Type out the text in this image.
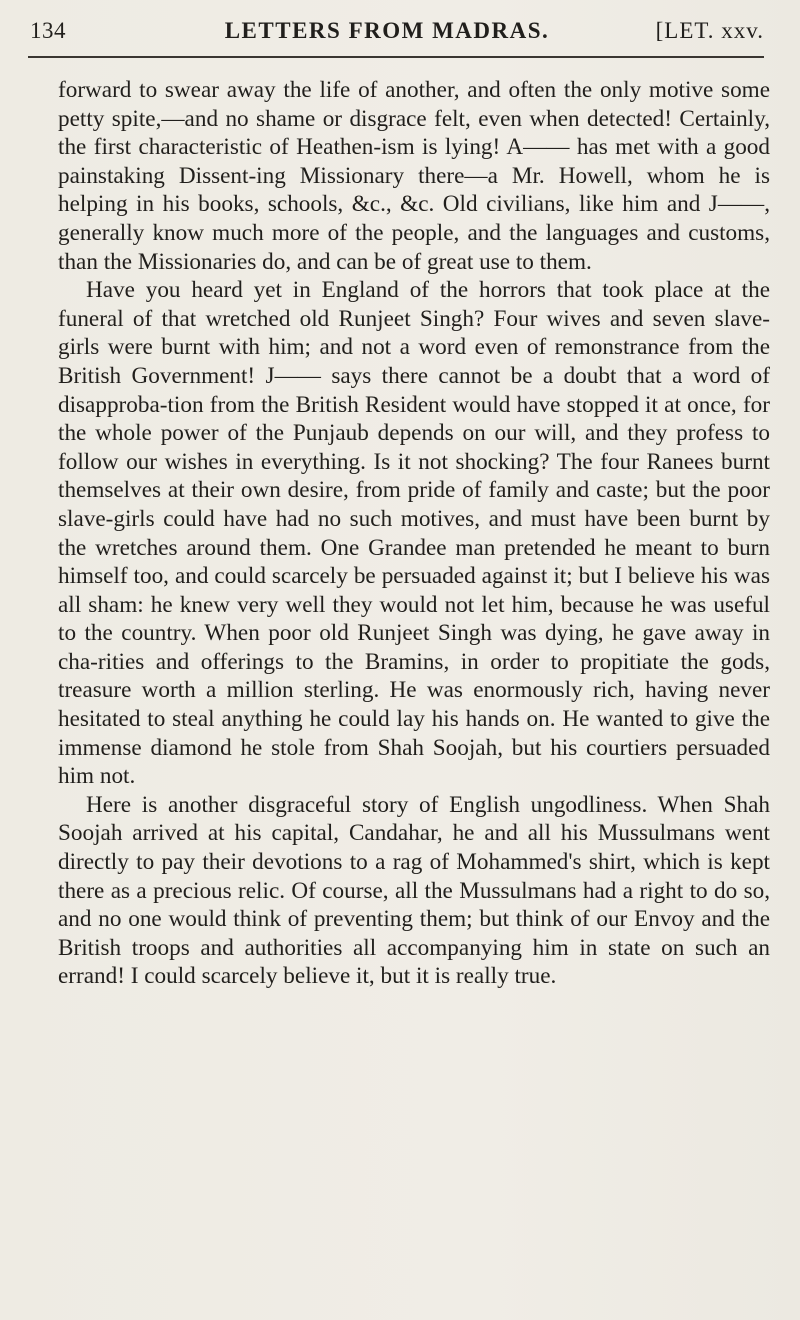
134	LETTERS FROM MADRAS.	[LET. xxv.

forward to swear away the life of another, and often the only motive some petty spite,—and no shame or disgrace felt, even when detected! Certainly, the first characteristic of Heathen-ism is lying! A—— has met with a good painstaking Dissent-ing Missionary there—a Mr. Howell, whom he is helping in his books, schools, &c., &c. Old civilians, like him and J——, generally know much more of the people, and the languages and customs, than the Missionaries do, and can be of great use to them.

Have you heard yet in England of the horrors that took place at the funeral of that wretched old Runjeet Singh? Four wives and seven slave-girls were burnt with him; and not a word even of remonstrance from the British Government! J—— says there cannot be a doubt that a word of disapproba-tion from the British Resident would have stopped it at once, for the whole power of the Punjaub depends on our will, and they profess to follow our wishes in everything. Is it not shocking? The four Ranees burnt themselves at their own desire, from pride of family and caste; but the poor slave-girls could have had no such motives, and must have been burnt by the wretches around them. One Grandee man pretended he meant to burn himself too, and could scarcely be persuaded against it; but I believe his was all sham: he knew very well they would not let him, because he was useful to the country. When poor old Runjeet Singh was dying, he gave away in cha-rities and offerings to the Bramins, in order to propitiate the gods, treasure worth a million sterling. He was enormously rich, having never hesitated to steal anything he could lay his hands on. He wanted to give the immense diamond he stole from Shah Soojah, but his courtiers persuaded him not.

Here is another disgraceful story of English ungodliness. When Shah Soojah arrived at his capital, Candahar, he and all his Mussulmans went directly to pay their devotions to a rag of Mohammed's shirt, which is kept there as a precious relic. Of course, all the Mussulmans had a right to do so, and no one would think of preventing them; but think of our Envoy and the British troops and authorities all accompanying him in state on such an errand! I could scarcely believe it, but it is really true.
